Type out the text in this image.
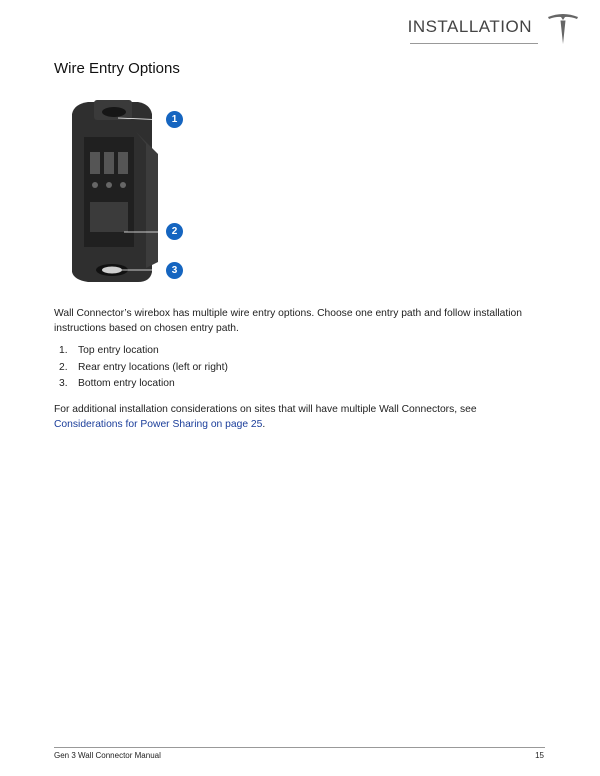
INSTALLATION
Wire Entry Options
1
2
3
Wall Connector’s wirebox has multiple wire entry options. Choose one entry path and follow installation instructions based on chosen entry path.
1. Top entry location
2. Rear entry locations (left or right)
3. Bottom entry location
For additional installation considerations on sites that will have multiple Wall Connectors, see
Considerations for Power Sharing on page 25.
Gen 3 Wall Connector Manual	15
